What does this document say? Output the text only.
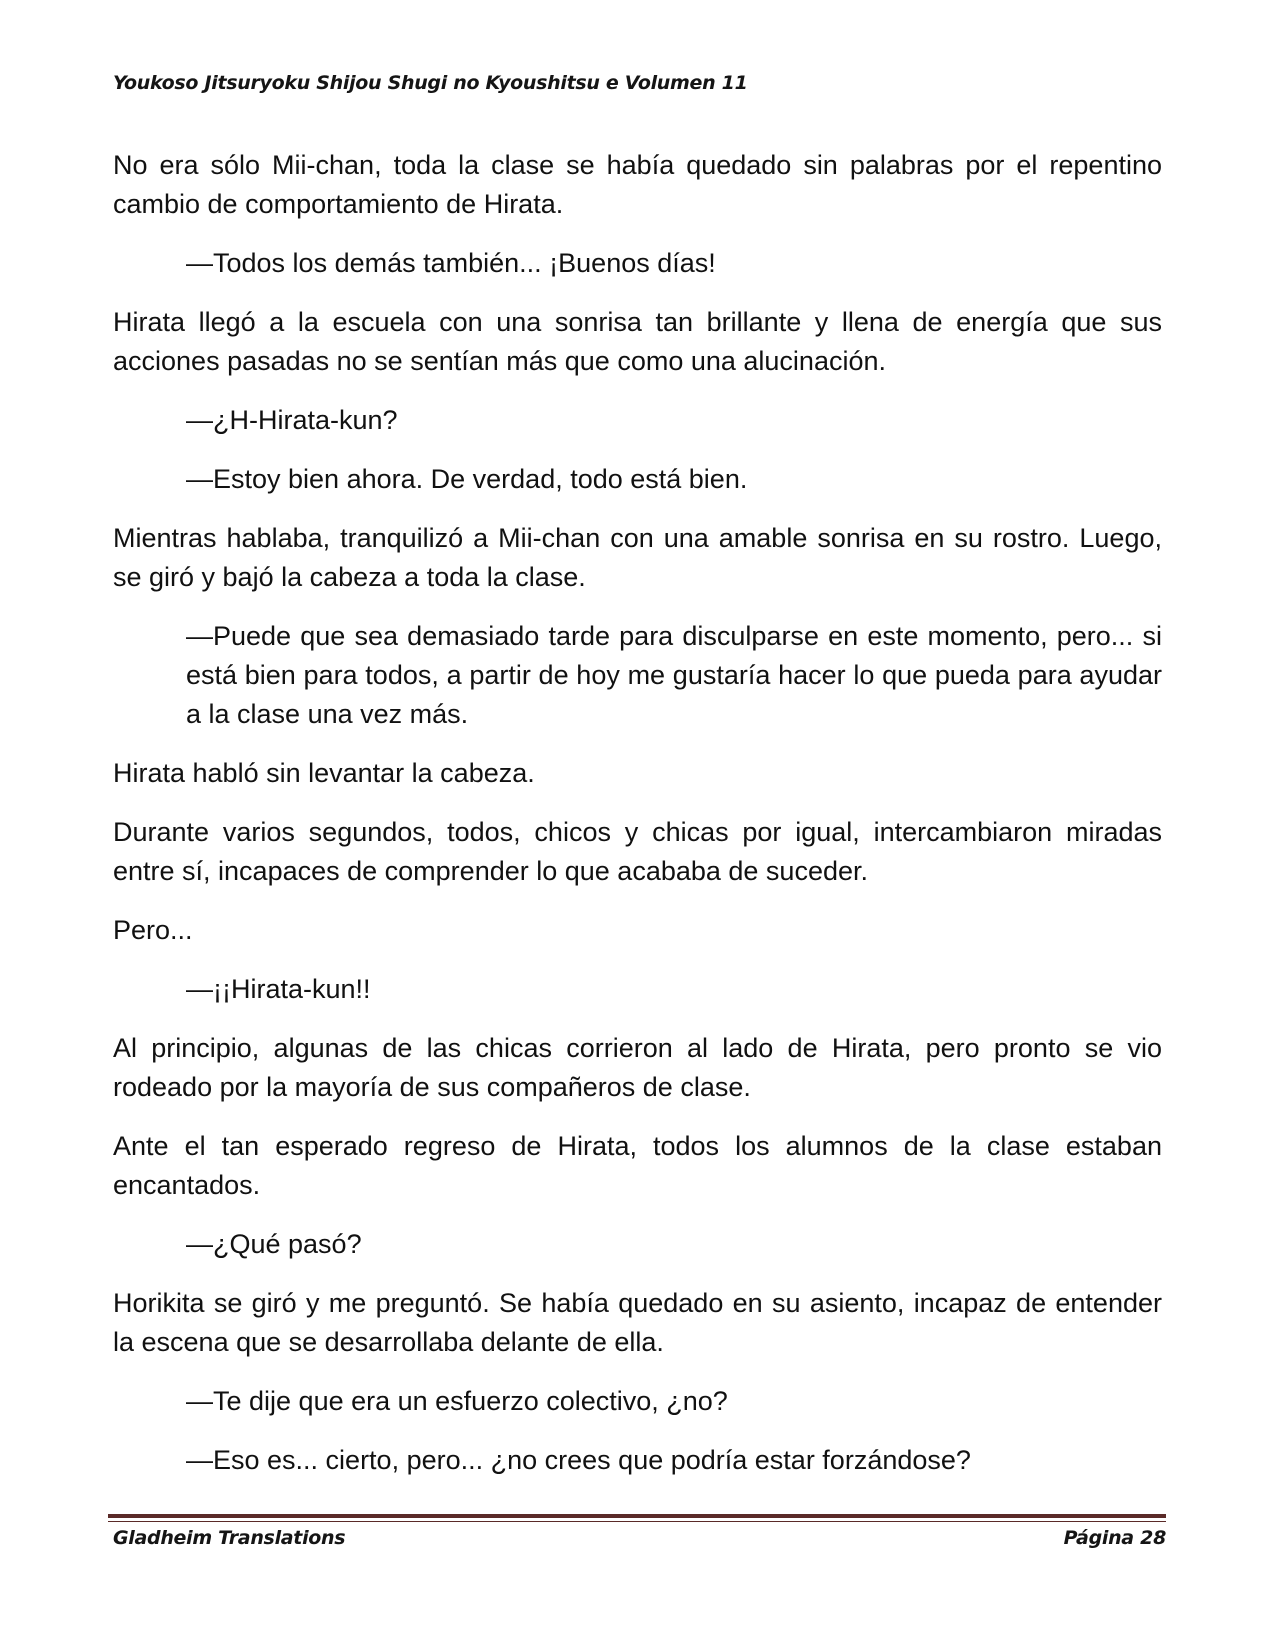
Youkoso Jitsuryoku Shijou Shugi no Kyoushitsu e Volumen 11

No era sólo Mii-chan, toda la clase se había quedado sin palabras por el repentino cambio de comportamiento de Hirata.

—Todos los demás también... ¡Buenos días!

Hirata llegó a la escuela con una sonrisa tan brillante y llena de energía que sus acciones pasadas no se sentían más que como una alucinación.

—¿H-Hirata-kun?

—Estoy bien ahora. De verdad, todo está bien.

Mientras hablaba, tranquilizó a Mii-chan con una amable sonrisa en su rostro. Luego, se giró y bajó la cabeza a toda la clase.

—Puede que sea demasiado tarde para disculparse en este momento, pero... si está bien para todos, a partir de hoy me gustaría hacer lo que pueda para ayudar a la clase una vez más.

Hirata habló sin levantar la cabeza.

Durante varios segundos, todos, chicos y chicas por igual, intercambiaron miradas entre sí, incapaces de comprender lo que acababa de suceder.

Pero...

—¡¡Hirata-kun!!

Al principio, algunas de las chicas corrieron al lado de Hirata, pero pronto se vio rodeado por la mayoría de sus compañeros de clase.

Ante el tan esperado regreso de Hirata, todos los alumnos de la clase estaban encantados.

—¿Qué pasó?

Horikita se giró y me preguntó. Se había quedado en su asiento, incapaz de entender la escena que se desarrollaba delante de ella.

—Te dije que era un esfuerzo colectivo, ¿no?

—Eso es... cierto, pero... ¿no crees que podría estar forzándose?

Gladheim Translations	Página 28
